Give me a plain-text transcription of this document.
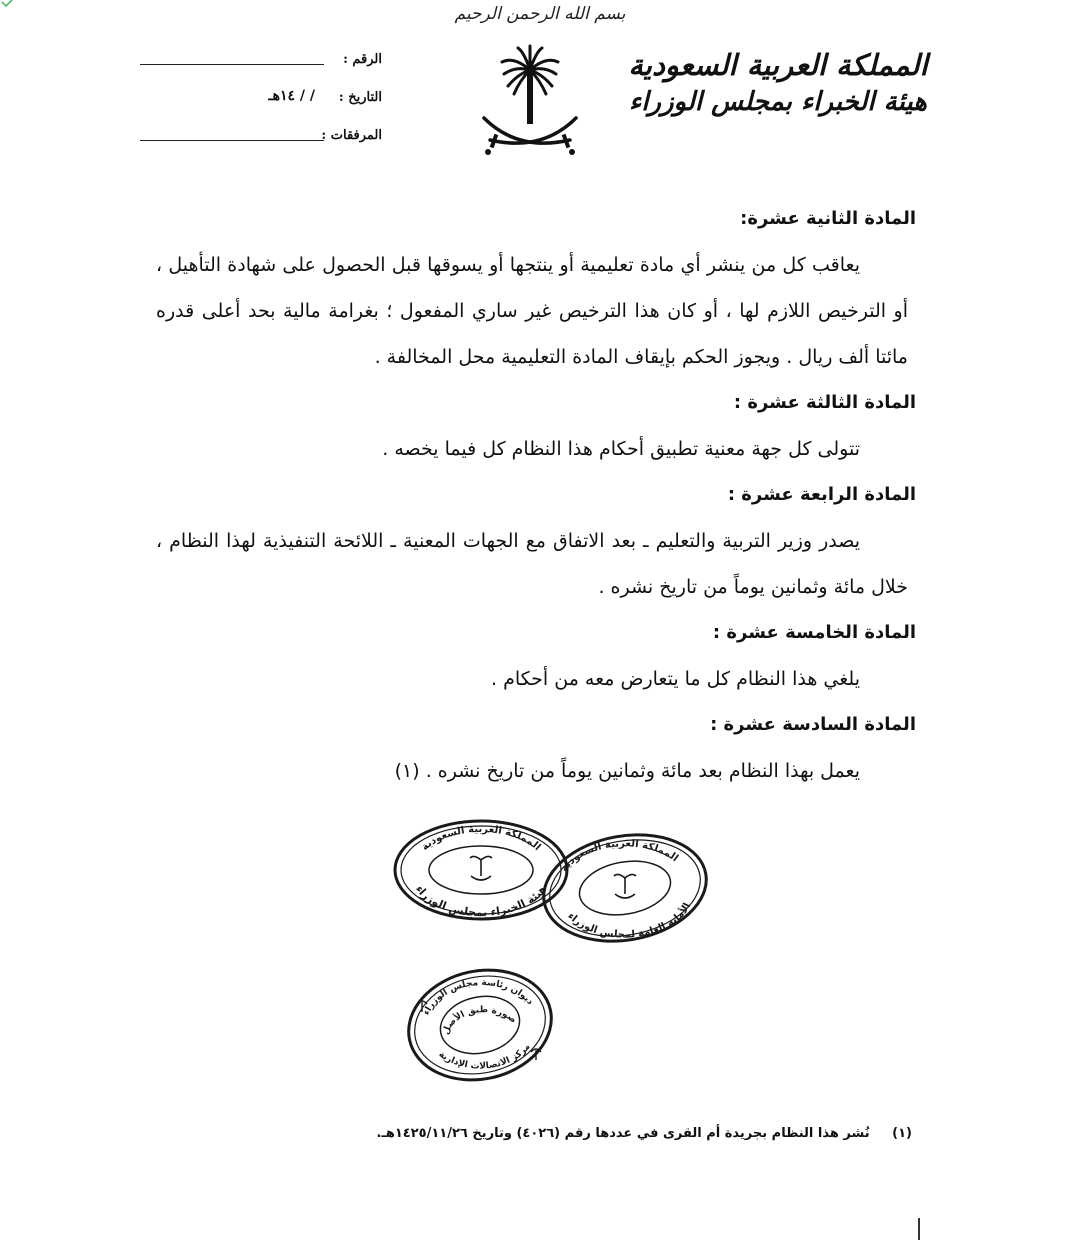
بسم الله الرحمن الرحيم
المملكة العربية السعودية
هيئة الخبراء بمجلس الوزراء
الرقم :
التاريخ :
/ / ١٤هـ
المرفقات :
المادة الثانية عشرة:
يعاقب كل من ينشر أي مادة تعليمية أو ينتجها أو يسوقها قبل الحصول على شهادة التأهيل ، أو الترخيص اللازم لها ، أو كان هذا الترخيص غير ساري المفعول ؛ بغرامة مالية بحد أعلى قدره مائتا ألف ريال . ويجوز الحكم بإيقاف المادة التعليمية محل المخالفة .
المادة الثالثة عشرة :
تتولى كل جهة معنية تطبيق أحكام هذا النظام كل فيما يخصه .
المادة الرابعة عشرة :
يصدر وزير التربية والتعليم ـ بعد الاتفاق مع الجهات المعنية ـ اللائحة التنفيذية لهذا النظام ، خلال مائة وثمانين يوماً من تاريخ نشره .
المادة الخامسة عشرة :
يلغي هذا النظام كل ما يتعارض معه من أحكام .
المادة السادسة عشرة :
يعمل بهذا النظام بعد مائة وثمانين يوماً من تاريخ نشره . (١)
المملكة العربية السعودية
هيئة الخبراء بمجلس الوزراء
المملكة العربية السعودية
الأمانة العامة لمجلس الوزراء
ديوان رئاسة مجلس الوزراء
صورة طبق الأصل
مركز الاتصالات الإدارية
(١) نُشر هذا النظام بجريدة أم القرى في عددها رقم (٤٠٢٦) وتاريخ ١٤٢٥/١١/٢٦هـ.
